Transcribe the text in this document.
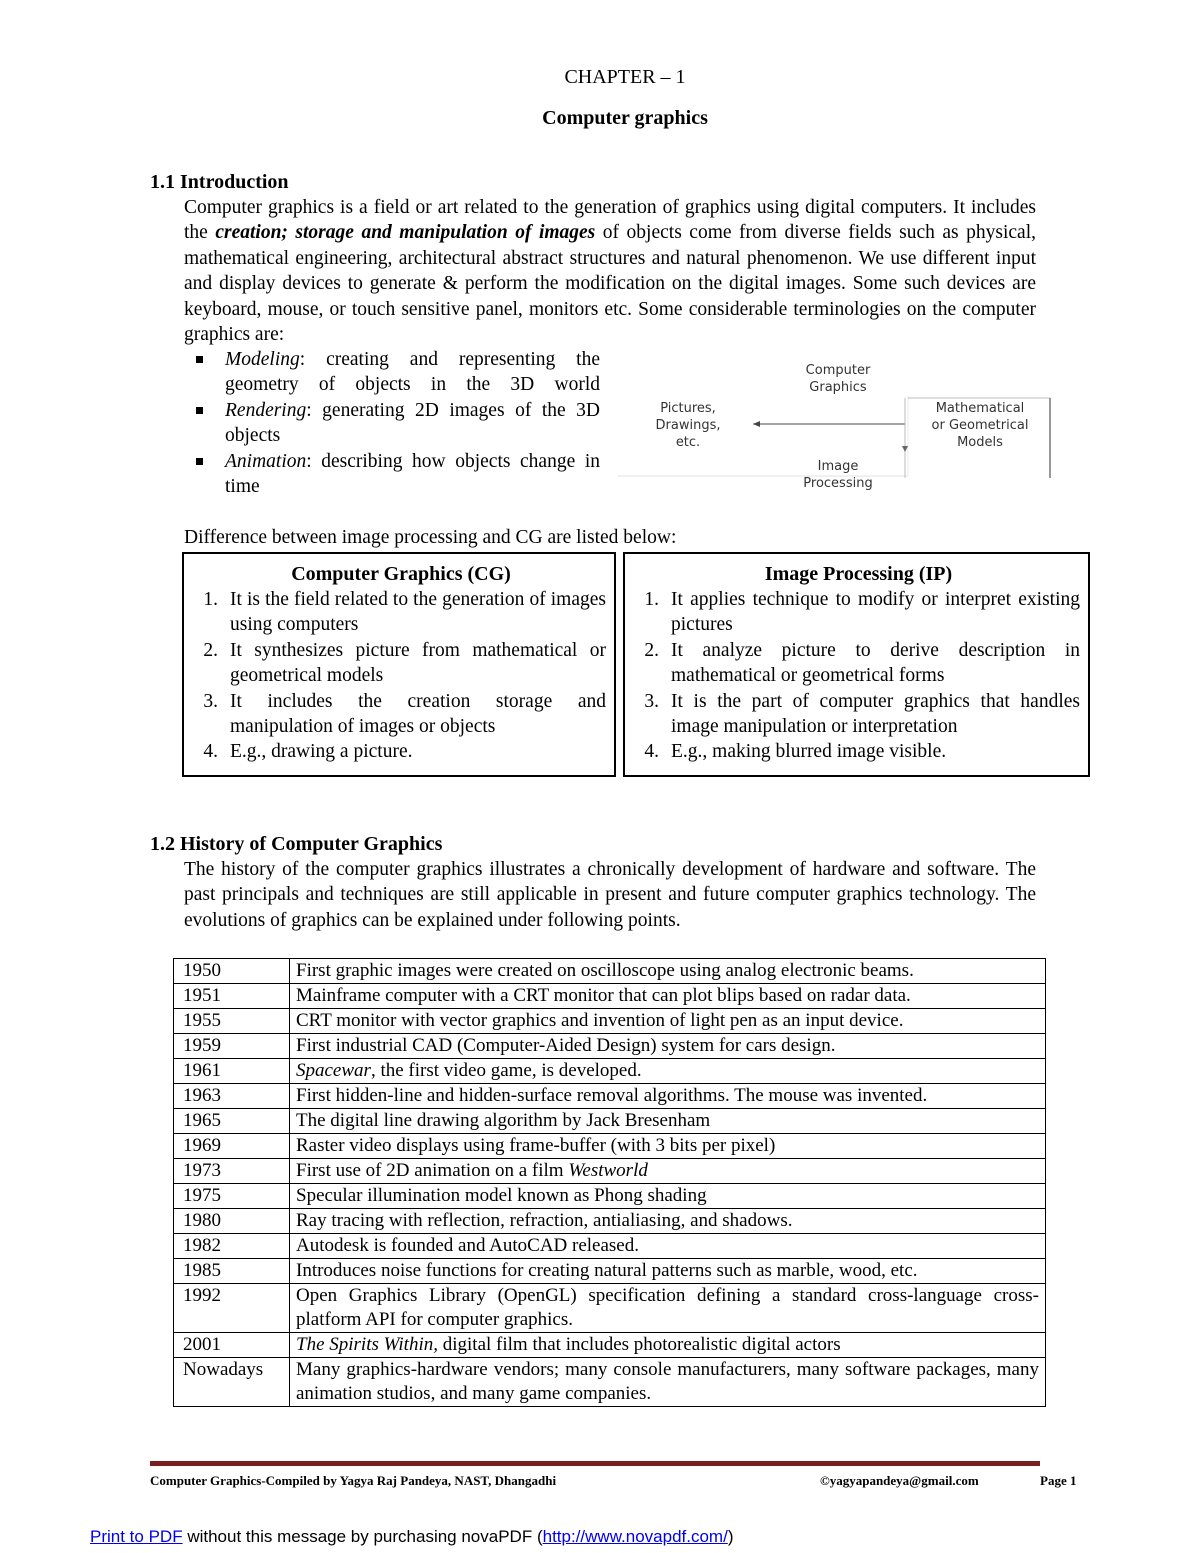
CHAPTER – 1
Computer graphics
1.1 Introduction

Computer graphics is a field or art related to the generation of graphics using digital computers. It includes the creation; storage and manipulation of images of objects come from diverse fields such as physical, mathematical engineering, architectural abstract structures and natural phenomenon. We use different input and display devices to generate & perform the modification on the digital images. Some such devices are keyboard, mouse, or touch sensitive panel, monitors etc. Some considerable terminologies on the computer graphics are:

Modeling: creating and representing the geometry of objects in the 3D world
Rendering: generating 2D images of the 3D objects
Animation: describing how objects change in time
Computer
Graphics
Pictures,
Drawings,
etc.
Mathematical
or Geometrical
Models
Image
Processing
Difference between image processing and CG are listed below:
Computer Graphics (CG)
1. It is the field related to the generation of images using computers
2. It synthesizes picture from mathematical or geometrical models
3. It includes the creation storage and manipulation of images or objects
4. E.g., drawing a picture.
Image Processing (IP)
1. It applies technique to modify or interpret existing pictures
2. It analyze picture to derive description in mathematical or geometrical forms
3. It is the part of computer graphics that handles image manipulation or interpretation
4. E.g., making blurred image visible.
1.2 History of Computer Graphics

The history of the computer graphics illustrates a chronically development of hardware and software. The past principals and techniques are still applicable in present and future computer graphics technology. The evolutions of graphics can be explained under following points.

1950	First graphic images were created on oscilloscope using analog electronic beams.
1951	Mainframe computer with a CRT monitor that can plot blips based on radar data.
1955	CRT monitor with vector graphics and invention of light pen as an input device.
1959	First industrial CAD (Computer-Aided Design) system for cars design.
1961	Spacewar, the first video game, is developed.
1963	First hidden-line and hidden-surface removal algorithms. The mouse was invented.
1965	The digital line drawing algorithm by Jack Bresenham
1969	Raster video displays using frame-buffer (with 3 bits per pixel)
1973	First use of 2D animation on a film Westworld
1975	Specular illumination model known as Phong shading
1980	Ray tracing with reflection, refraction, antialiasing, and shadows.
1982	Autodesk is founded and AutoCAD released.
1985	Introduces noise functions for creating natural patterns such as marble, wood, etc.
1992	Open Graphics Library (OpenGL) specification defining a standard cross-language cross-platform API for computer graphics.
2001	The Spirits Within, digital film that includes photorealistic digital actors
Nowadays	Many graphics-hardware vendors; many console manufacturers, many software packages, many animation studios, and many game companies.
Computer Graphics-Compiled by Yagya Raj Pandeya, NAST, Dhangadhi	©yagyapandeya@gmail.com	Page 1
Print to PDF without this message by purchasing novaPDF (http://www.novapdf.com/)
